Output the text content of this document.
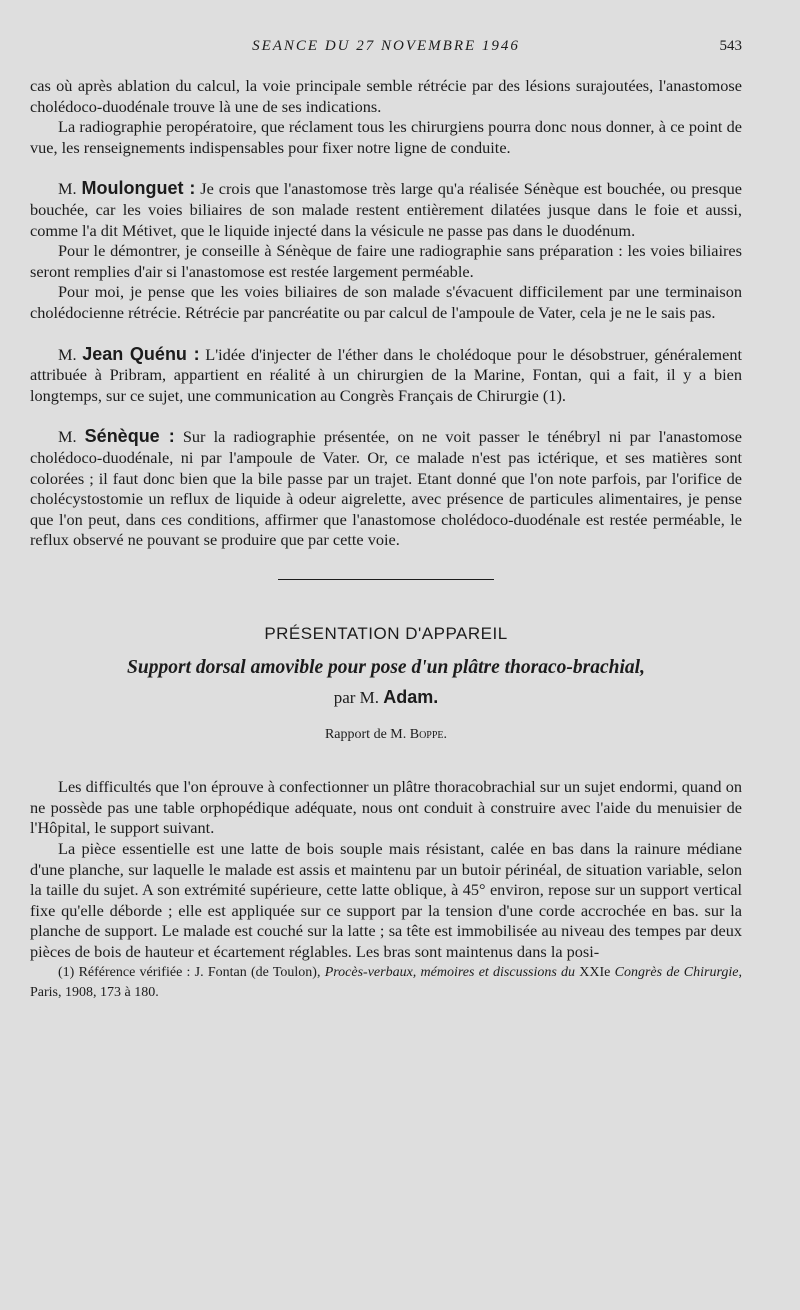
SEANCE DU 27 NOVEMBRE 1946	543

cas où après ablation du calcul, la voie principale semble rétrécie par des lésions surajoutées, l'anastomose cholédoco-duodénale trouve là une de ses indications.

La radiographie peropératoire, que réclament tous les chirurgiens pourra donc nous donner, à ce point de vue, les renseignements indispensables pour fixer notre ligne de conduite.

M. Moulonguet : Je crois que l'anastomose très large qu'a réalisée Sénèque est bouchée, ou presque bouchée, car les voies biliaires de son malade restent entièrement dilatées jusque dans le foie et aussi, comme l'a dit Métivet, que le liquide injecté dans la vésicule ne passe pas dans le duodénum.

Pour le démontrer, je conseille à Sénèque de faire une radiographie sans préparation : les voies biliaires seront remplies d'air si l'anastomose est restée largement perméable.

Pour moi, je pense que les voies biliaires de son malade s'évacuent difficilement par une terminaison cholédocienne rétrécie. Rétrécie par pancréatite ou par calcul de l'ampoule de Vater, cela je ne le sais pas.

M. Jean Quénu : L'idée d'injecter de l'éther dans le cholédoque pour le désobstruer, généralement attribuée à Pribram, appartient en réalité à un chirurgien de la Marine, Fontan, qui a fait, il y a bien longtemps, sur ce sujet, une communication au Congrès Français de Chirurgie (1).

M. Sénèque : Sur la radiographie présentée, on ne voit passer le ténébryl ni par l'anastomose cholédoco-duodénale, ni par l'ampoule de Vater. Or, ce malade n'est pas ictérique, et ses matières sont colorées ; il faut donc bien que la bile passe par un trajet. Etant donné que l'on note parfois, par l'orifice de cholécystostomie un reflux de liquide à odeur aigrelette, avec présence de particules alimentaires, je pense que l'on peut, dans ces conditions, affirmer que l'anastomose cholédoco-duodénale est restée perméable, le reflux observé ne pouvant se produire que par cette voie.

PRÉSENTATION D'APPAREIL
Support dorsal amovible pour pose d'un plâtre thoraco-brachial,
par M. Adam.
Rapport de M. Boppe.

Les difficultés que l'on éprouve à confectionner un plâtre thoracobrachial sur un sujet endormi, quand on ne possède pas une table orphopédique adéquate, nous ont conduit à construire avec l'aide du menuisier de l'Hôpital, le support suivant.

La pièce essentielle est une latte de bois souple mais résistant, calée en bas dans la rainure médiane d'une planche, sur laquelle le malade est assis et maintenu par un butoir périnéal, de situation variable, selon la taille du sujet. A son extrémité supérieure, cette latte oblique, à 45° environ, repose sur un support vertical fixe qu'elle déborde ; elle est appliquée sur ce support par la tension d'une corde accrochée en bas. sur la planche de support. Le malade est couché sur la latte ; sa tête est immobilisée au niveau des tempes par deux pièces de bois de hauteur et écartement réglables. Les bras sont maintenus dans la posi-

(1) Référence vérifiée : J. Fontan (de Toulon), Procès-verbaux, mémoires et discussions du XXIe Congrès de Chirurgie, Paris, 1908, 173 à 180.
